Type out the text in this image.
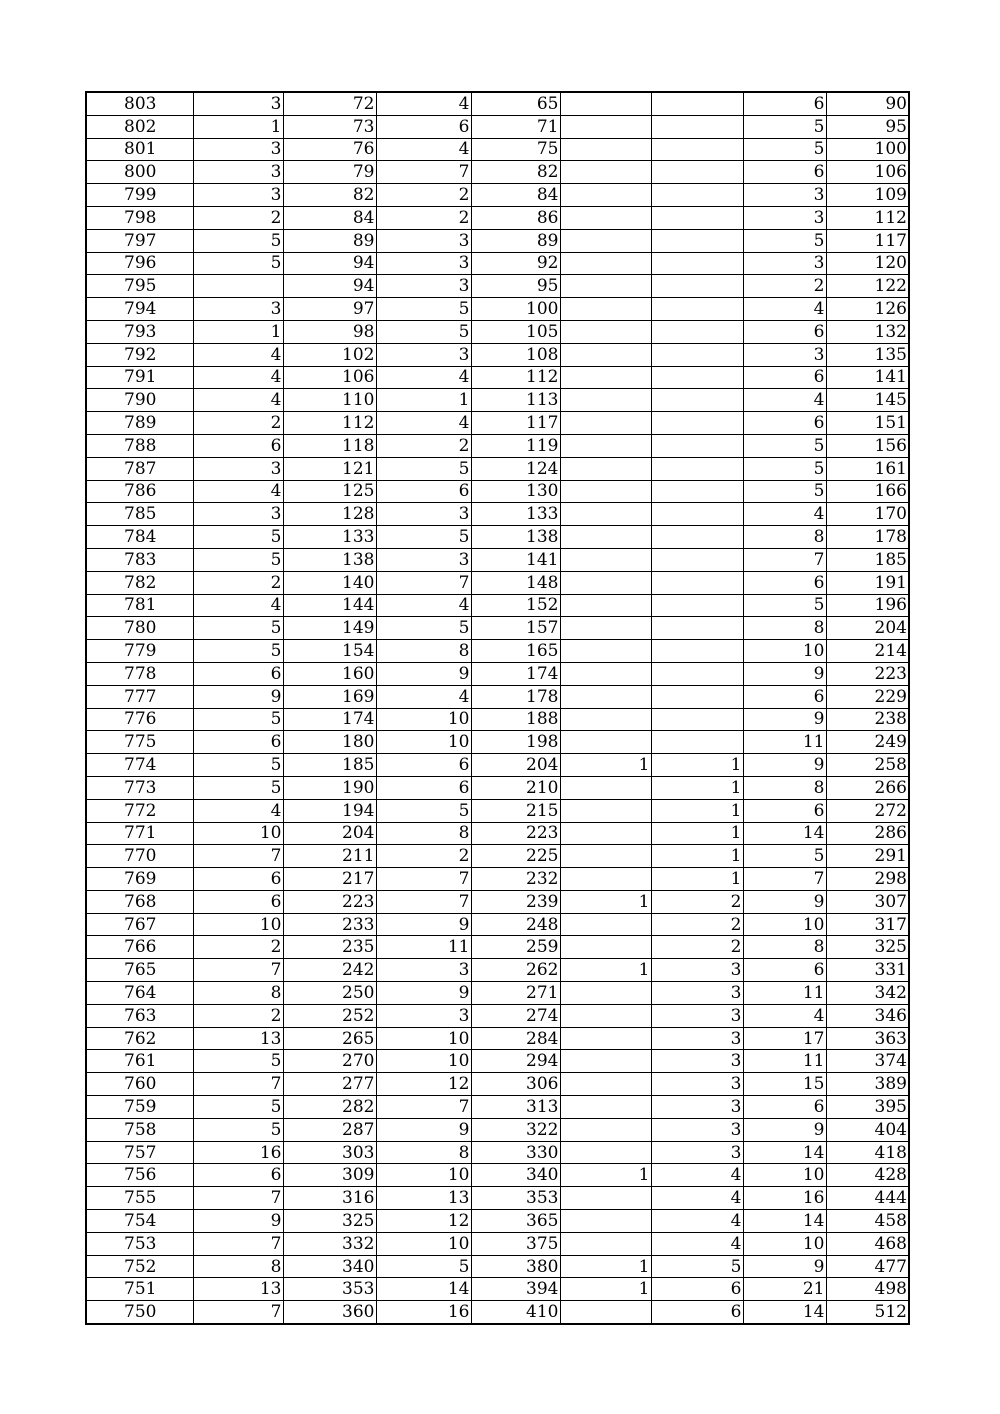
803	3	72	4	65			6	90
802	1	73	6	71			5	95
801	3	76	4	75			5	100
800	3	79	7	82			6	106
799	3	82	2	84			3	109
798	2	84	2	86			3	112
797	5	89	3	89			5	117
796	5	94	3	92			3	120
795		94	3	95			2	122
794	3	97	5	100			4	126
793	1	98	5	105			6	132
792	4	102	3	108			3	135
791	4	106	4	112			6	141
790	4	110	1	113			4	145
789	2	112	4	117			6	151
788	6	118	2	119			5	156
787	3	121	5	124			5	161
786	4	125	6	130			5	166
785	3	128	3	133			4	170
784	5	133	5	138			8	178
783	5	138	3	141			7	185
782	2	140	7	148			6	191
781	4	144	4	152			5	196
780	5	149	5	157			8	204
779	5	154	8	165			10	214
778	6	160	9	174			9	223
777	9	169	4	178			6	229
776	5	174	10	188			9	238
775	6	180	10	198			11	249
774	5	185	6	204	1	1	9	258
773	5	190	6	210		1	8	266
772	4	194	5	215		1	6	272
771	10	204	8	223		1	14	286
770	7	211	2	225		1	5	291
769	6	217	7	232		1	7	298
768	6	223	7	239	1	2	9	307
767	10	233	9	248		2	10	317
766	2	235	11	259		2	8	325
765	7	242	3	262	1	3	6	331
764	8	250	9	271		3	11	342
763	2	252	3	274		3	4	346
762	13	265	10	284		3	17	363
761	5	270	10	294		3	11	374
760	7	277	12	306		3	15	389
759	5	282	7	313		3	6	395
758	5	287	9	322		3	9	404
757	16	303	8	330		3	14	418
756	6	309	10	340	1	4	10	428
755	7	316	13	353		4	16	444
754	9	325	12	365		4	14	458
753	7	332	10	375		4	10	468
752	8	340	5	380	1	5	9	477
751	13	353	14	394	1	6	21	498
750	7	360	16	410		6	14	512
